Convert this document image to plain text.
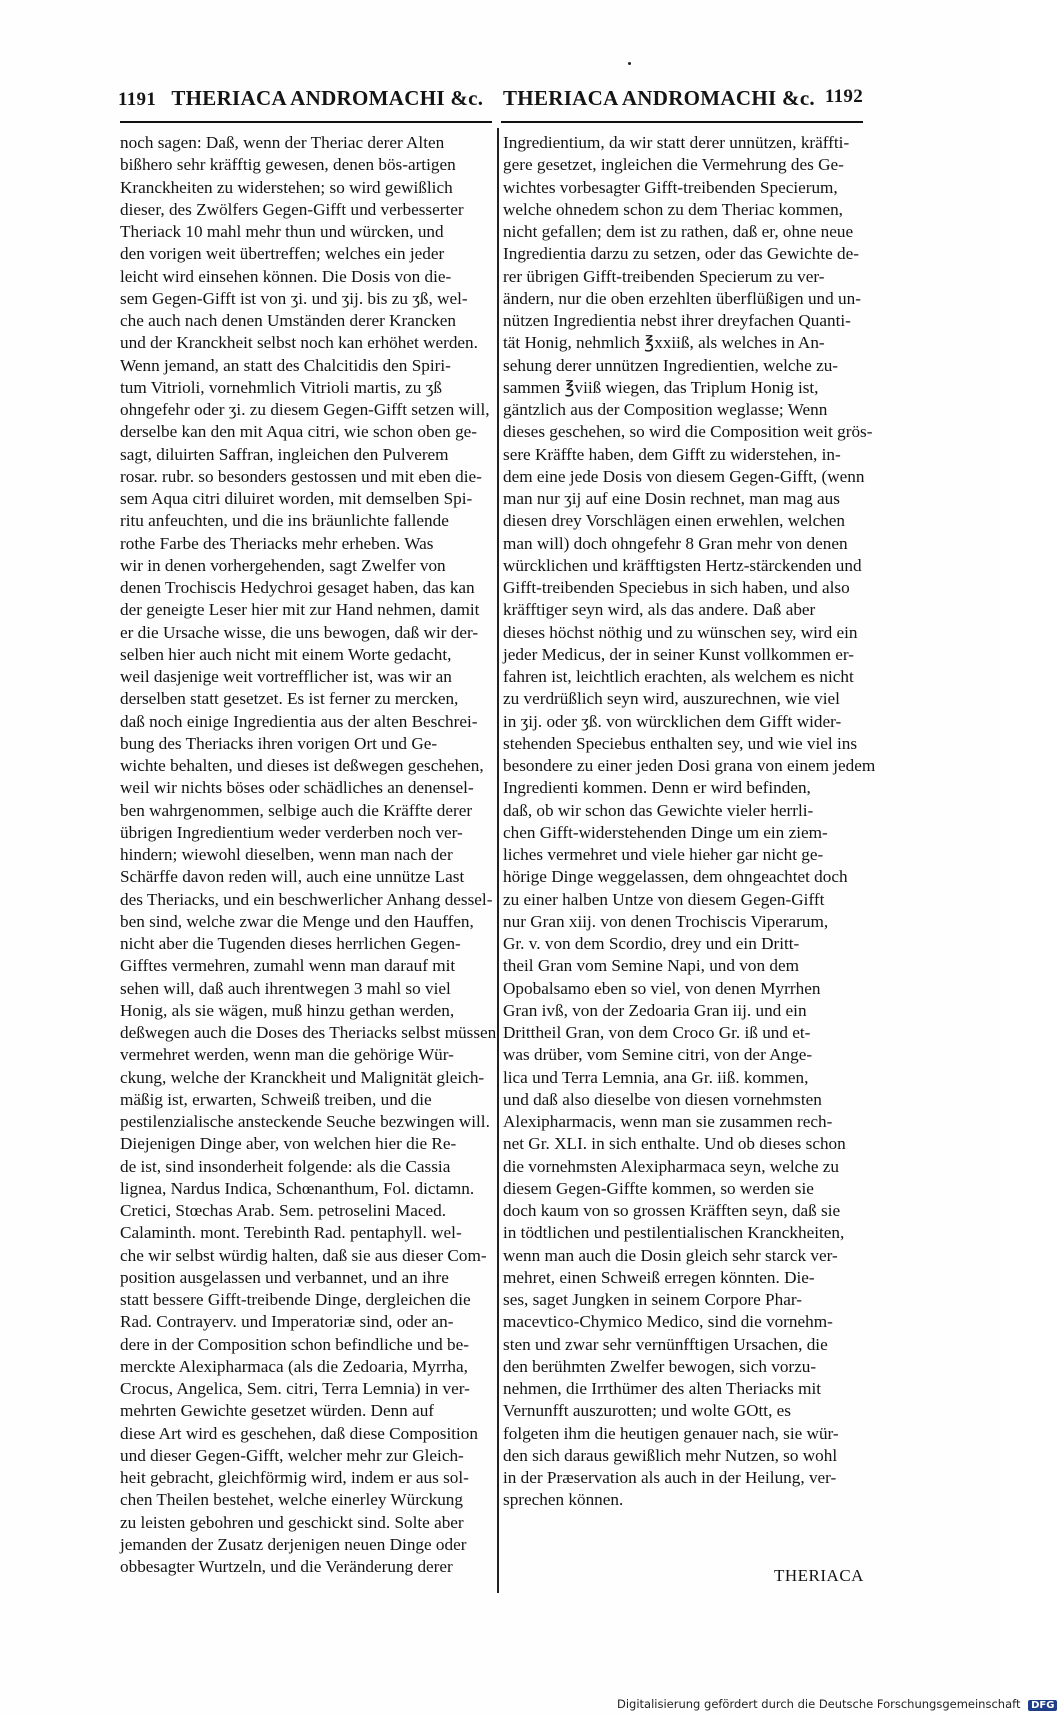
1191 THERIACA ANDROMACHI &c. THERIACA ANDROMACHI &c. 1192
noch sagen: Daß, wenn der Theriac derer Alten
bißhero sehr kräfftig gewesen, denen bös-artigen
Kranckheiten zu widerstehen; so wird gewißlich
dieser, des Zwölfers Gegen-Gifft und verbesserter
Theriack 10 mahl mehr thun und würcken, und
den vorigen weit übertreffen; welches ein jeder
leicht wird einsehen können. Die Dosis von die-
sem Gegen-Gifft ist von ʒi. und ʒij. bis zu ʒß, wel-
che auch nach denen Umständen derer Krancken
und der Kranckheit selbst noch kan erhöhet werden.
Wenn jemand, an statt des Chalcitidis den Spiri-
tum Vitrioli, vornehmlich Vitrioli martis, zu ʒß
ohngefehr oder ʒi. zu diesem Gegen-Gifft setzen will,
derselbe kan den mit Aqua citri, wie schon oben ge-
sagt, diluirten Saffran, ingleichen den Pulverem
rosar. rubr. so besonders gestossen und mit eben die-
sem Aqua citri diluiret worden, mit demselben Spi-
ritu anfeuchten, und die ins bräunlichte fallende
rothe Farbe des Theriacks mehr erheben. Was
wir in denen vorhergehenden, sagt Zwelfer von
denen Trochiscis Hedychroi gesaget haben, das kan
der geneigte Leser hier mit zur Hand nehmen, damit
er die Ursache wisse, die uns bewogen, daß wir der-
selben hier auch nicht mit einem Worte gedacht,
weil dasjenige weit vortrefflicher ist, was wir an
derselben statt gesetzet. Es ist ferner zu mercken,
daß noch einige Ingredientia aus der alten Beschrei-
bung des Theriacks ihren vorigen Ort und Ge-
wichte behalten, und dieses ist deßwegen geschehen,
weil wir nichts böses oder schädliches an denensel-
ben wahrgenommen, selbige auch die Kräffte derer
übrigen Ingredientium weder verderben noch ver-
hindern; wiewohl dieselben, wenn man nach der
Schärffe davon reden will, auch eine unnütze Last
des Theriacks, und ein beschwerlicher Anhang dessel-
ben sind, welche zwar die Menge und den Hauffen,
nicht aber die Tugenden dieses herrlichen Gegen-
Gifftes vermehren, zumahl wenn man darauf mit
sehen will, daß auch ihrentwegen 3 mahl so viel
Honig, als sie wägen, muß hinzu gethan werden,
deßwegen auch die Doses des Theriacks selbst müssen
vermehret werden, wenn man die gehörige Wür-
ckung, welche der Kranckheit und Malignität gleich-
mäßig ist, erwarten, Schweiß treiben, und die
pestilenzialische ansteckende Seuche bezwingen will.
Diejenigen Dinge aber, von welchen hier die Re-
de ist, sind insonderheit folgende: als die Cassia
lignea, Nardus Indica, Schœnanthum, Fol. dictamn.
Cretici, Stœchas Arab. Sem. petroselini Maced.
Calaminth. mont. Terebinth Rad. pentaphyll. wel-
che wir selbst würdig halten, daß sie aus dieser Com-
position ausgelassen und verbannet, und an ihre
statt bessere Gifft-treibende Dinge, dergleichen die
Rad. Contrayerv. und Imperatoriæ sind, oder an-
dere in der Composition schon befindliche und be-
merckte Alexipharmaca (als die Zedoaria, Myrrha,
Crocus, Angelica, Sem. citri, Terra Lemnia) in ver-
mehrten Gewichte gesetzet würden. Denn auf
diese Art wird es geschehen, daß diese Composition
und dieser Gegen-Gifft, welcher mehr zur Gleich-
heit gebracht, gleichförmig wird, indem er aus sol-
chen Theilen bestehet, welche einerley Würckung
zu leisten gebohren und geschickt sind. Solte aber
jemanden der Zusatz derjenigen neuen Dinge oder
obbesagter Wurtzeln, und die Veränderung derer
Ingredientium, da wir statt derer unnützen, kräffti-
gere gesetzet, ingleichen die Vermehrung des Ge-
wichtes vorbesagter Gifft-treibenden Specierum,
welche ohnedem schon zu dem Theriac kommen,
nicht gefallen; dem ist zu rathen, daß er, ohne neue
Ingredientia darzu zu setzen, oder das Gewichte de-
rer übrigen Gifft-treibenden Specierum zu ver-
ändern, nur die oben erzehlten überflüßigen und un-
nützen Ingredientia nebst ihrer dreyfachen Quanti-
tät Honig, nehmlich ℥xxiiß, als welches in An-
sehung derer unnützen Ingredientien, welche zu-
sammen ℥viiß wiegen, das Triplum Honig ist,
gäntzlich aus der Composition weglasse; Wenn
dieses geschehen, so wird die Composition weit grös-
sere Kräffte haben, dem Gifft zu widerstehen, in-
dem eine jede Dosis von diesem Gegen-Gifft, (wenn
man nur ʒij auf eine Dosin rechnet, man mag aus
diesen drey Vorschlägen einen erwehlen, welchen
man will) doch ohngefehr 8 Gran mehr von denen
würcklichen und kräfftigsten Hertz-stärckenden und
Gifft-treibenden Speciebus in sich haben, und also
kräfftiger seyn wird, als das andere. Daß aber
dieses höchst nöthig und zu wünschen sey, wird ein
jeder Medicus, der in seiner Kunst vollkommen er-
fahren ist, leichtlich erachten, als welchem es nicht
zu verdrüßlich seyn wird, auszurechnen, wie viel
in ʒij. oder ʒß. von würcklichen dem Gifft wider-
stehenden Speciebus enthalten sey, und wie viel ins
besondere zu einer jeden Dosi grana von einem jedem
Ingredienti kommen. Denn er wird befinden,
daß, ob wir schon das Gewichte vieler herrli-
chen Gifft-widerstehenden Dinge um ein ziem-
liches vermehret und viele hieher gar nicht ge-
hörige Dinge weggelassen, dem ohngeachtet doch
zu einer halben Untze von diesem Gegen-Gifft
nur Gran xiij. von denen Trochiscis Viperarum,
Gr. v. von dem Scordio, drey und ein Dritt-
theil Gran vom Semine Napi, und von dem
Opobalsamo eben so viel, von denen Myrrhen
Gran ivß, von der Zedoaria Gran iij. und ein
Drittheil Gran, von dem Croco Gr. iß und et-
was drüber, vom Semine citri, von der Ange-
lica und Terra Lemnia, ana Gr. iiß. kommen,
und daß also dieselbe von diesen vornehmsten
Alexipharmacis, wenn man sie zusammen rech-
net Gr. XLI. in sich enthalte. Und ob dieses schon
die vornehmsten Alexipharmaca seyn, welche zu
diesem Gegen-Giffte kommen, so werden sie
doch kaum von so grossen Kräfften seyn, daß sie
in tödtlichen und pestilentialischen Kranckheiten,
wenn man auch die Dosin gleich sehr starck ver-
mehret, einen Schweiß erregen könnten. Die-
ses, saget Jungken in seinem Corpore Phar-
macevtico-Chymico Medico, sind die vornehm-
sten und zwar sehr vernünfftigen Ursachen, die
den berühmten Zwelfer bewogen, sich vorzu-
nehmen, die Irrthümer des alten Theriacks mit
Vernunfft auszurotten; und wolte GOtt, es
folgeten ihm die heutigen genauer nach, sie wür-
den sich daraus gewißlich mehr Nutzen, so wohl
in der Præservation als auch in der Heilung, ver-
sprechen können.
THERIACA
Digitalisierung gefördert durch die Deutsche Forschungsgemeinschaft DFG
